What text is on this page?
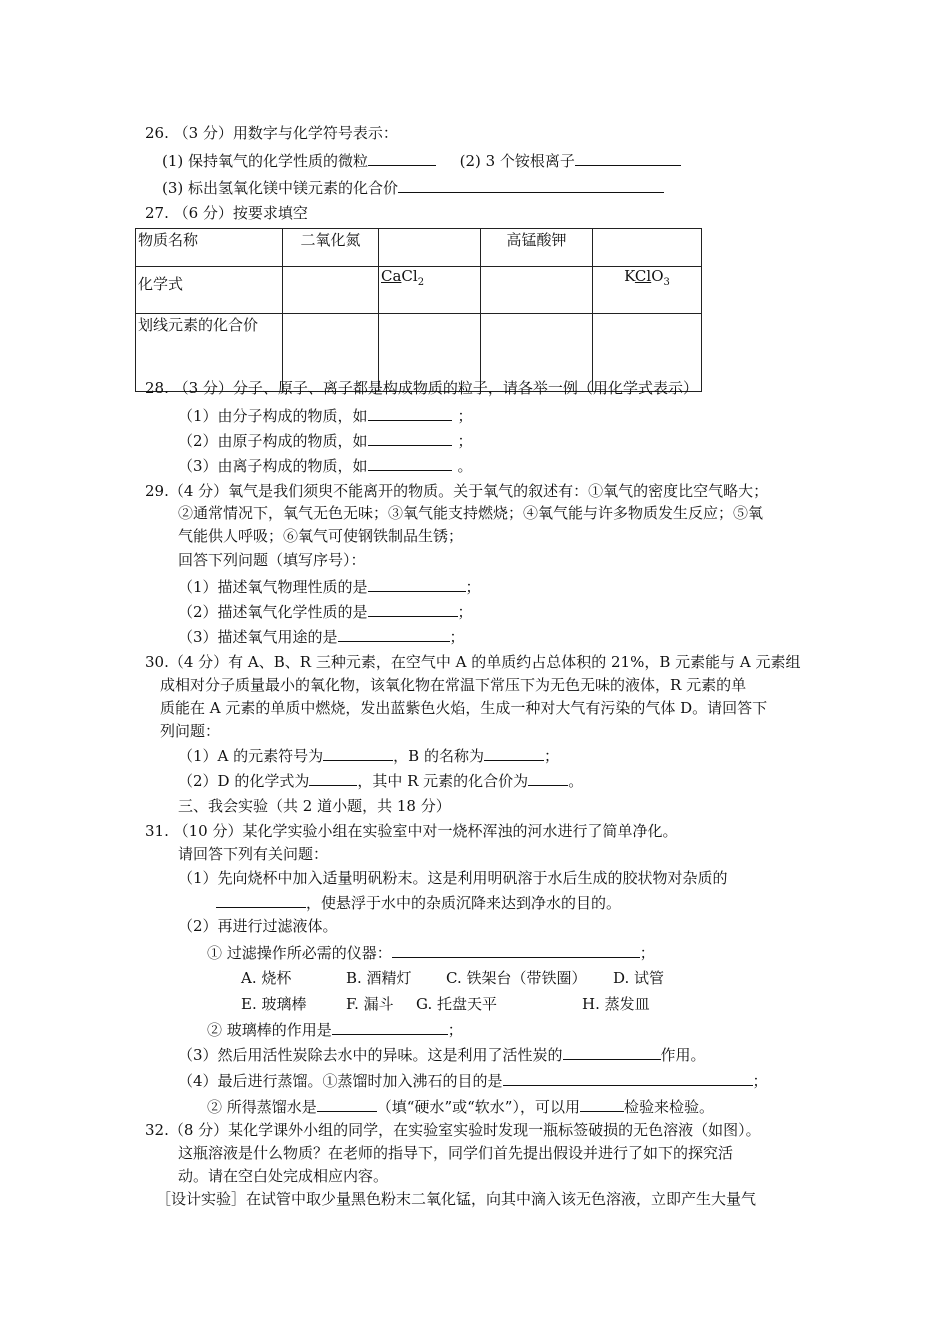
26. （3 分）用数字与化学符号表示：
(1) 保持氧气的化学性质的微粒	(2) 3 个铵根离子
(3) 标出氢氧化镁中镁元素的化合价
27. （6 分）按要求填空
物质名称	二氧化氮		高锰酸钾	
化学式		CaCl$_2$		KClO$_3$
划线元素的化合价				
28. （3 分）分子、原子、离子都是构成物质的粒子，请各举一例（用化学式表示）
（1）由分子构成的物质，如	；
（2）由原子构成的物质，如	；
（3）由离子构成的物质，如	。
29.（4 分）氧气是我们须臾不能离开的物质。关于氧气的叙述有：①氧气的密度比空气略大；
②通常情况下，氧气无色无味；③氧气能支持燃烧；④氧气能与许多物质发生反应；⑤氧
气能供人呼吸；⑥氧气可使钢铁制品生锈；
回答下列问题（填写序号）：
（1）描述氧气物理性质的是	；
（2）描述氧气化学性质的是	；
（3）描述氧气用途的是	；
30.（4 分）有 A、B、R 三种元素，在空气中 A 的单质约占总体积的 21%，B 元素能与 A 元素组
成相对分子质量最小的氧化物，该氧化物在常温下常压下为无色无味的液体，R 元素的单
质能在 A 元素的单质中燃烧，发出蓝紫色火焰，生成一种对大气有污染的气体 D。请回答下
列问题：
（1）A 的元素符号为	，B 的名称为	；
（2）D 的化学式为	，其中 R 元素的化合价为	。
三、我会实验（共 2 道小题，共 18 分）
31. （10 分）某化学实验小组在实验室中对一烧杯浑浊的河水进行了简单净化。
请回答下列有关问题：
（1）先向烧杯中加入适量明矾粉末。这是利用明矾溶于水后生成的胶状物对杂质的
，使悬浮于水中的杂质沉降来达到净水的目的。
（2）再进行过滤液体。
① 过滤操作所必需的仪器：	；
A. 烧杯	B. 酒精灯 C. 铁架台（带铁圈） D. 试管
E. 玻璃棒	F. 漏斗 G. 托盘天平	H. 蒸发皿
② 玻璃棒的作用是	；
（3）然后用活性炭除去水中的异味。这是利用了活性炭的	作用。
（4）最后进行蒸馏。①蒸馏时加入沸石的目的是	；
② 所得蒸馏水是	（填“硬水”或“软水”），可以用	检验来检验。
32.（8 分）某化学课外小组的同学，在实验室实验时发现一瓶标签破损的无色溶液（如图）。
这瓶溶液是什么物质？在老师的指导下，同学们首先提出假设并进行了如下的探究活
动。请在空白处完成相应内容。
［设计实验］在试管中取少量黑色粉末二氧化锰，向其中滴入该无色溶液，立即产生大量气
